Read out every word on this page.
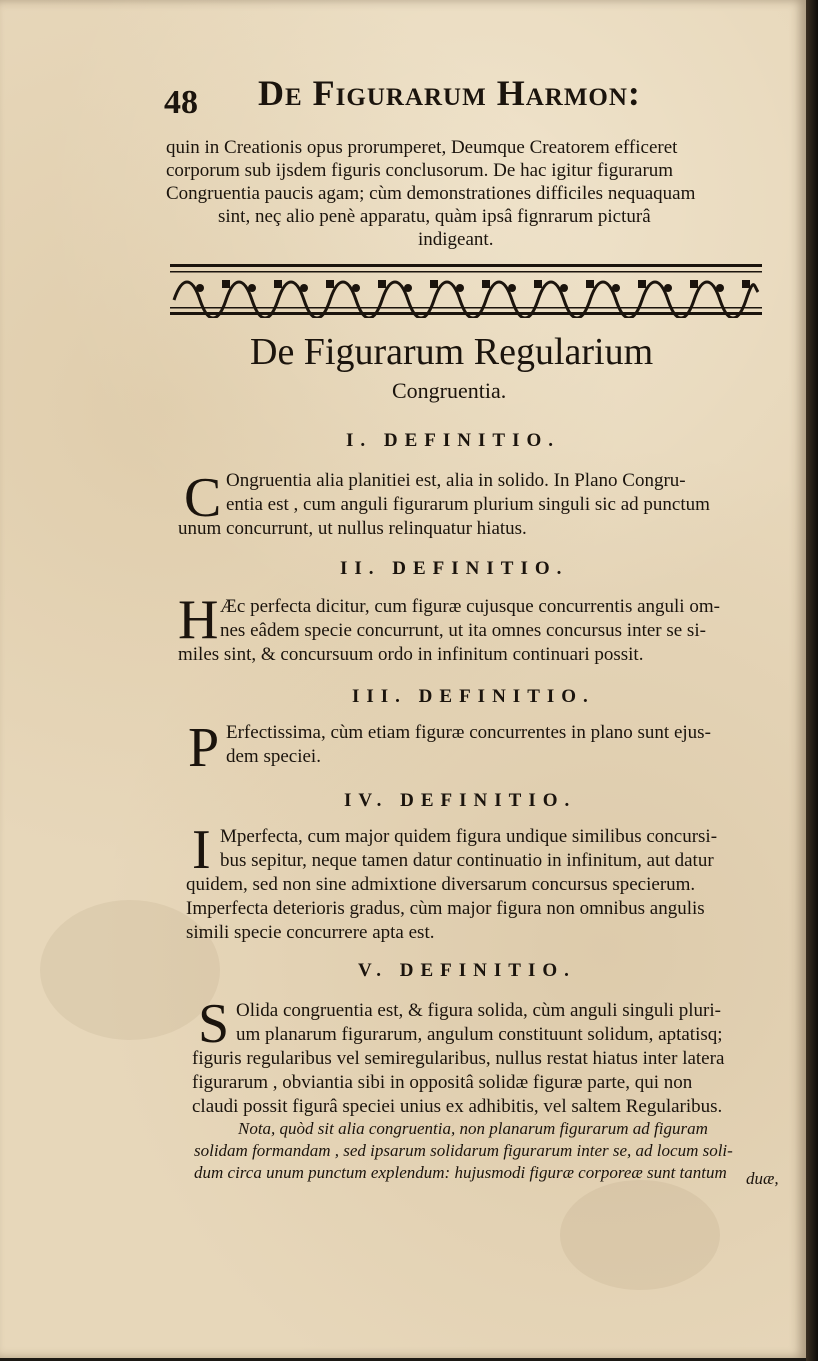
48 De Figurarum Harmon:
quin in Creationis opus prorumperet, Deumque Creatorem efficeret
corporum sub ijsdem figuris conclusorum. De hac igitur figurarum
Congruentia paucis agam; cùm demonstrationes difficiles nequaquam
sint, neç alio penè apparatu, quàm ipsâ fignrarum picturâ
indigeant.
De Figurarum Regularium
Congruentia.
I. DEFINITIO.
C Ongruentia alia planitiei est, alia in solido. In Plano Congru-
entia est , cum anguli figurarum plurium singuli sic ad punctum
unum concurrunt, ut nullus relinquatur hiatus.
II. DEFINITIO.
H Æc perfecta dicitur, cum figuræ cujusque concurrentis anguli om-
nes eâdem specie concurrunt, ut ita omnes concursus inter se si-
miles sint, & concursuum ordo in infinitum continuari possit.
III. DEFINITIO.
P Erfectissima, cùm etiam figuræ concurrentes in plano sunt ejus-
dem speciei.
IV. DEFINITIO.
I Mperfecta, cum major quidem figura undique similibus concursi-
bus sepitur, neque tamen datur continuatio in infinitum, aut datur
quidem, sed non sine admixtione diversarum concursus specierum.
Imperfecta deterioris gradus, cùm major figura non omnibus angulis
simili specie concurrere apta est.
V. DEFINITIO.
S Olida congruentia est, & figura solida, cùm anguli singuli pluri-
um planarum figurarum, angulum constituunt solidum, aptatisq;
figuris regularibus vel semiregularibus, nullus restat hiatus inter latera
figurarum , obviantia sibi in oppositâ solidæ figuræ parte, qui non
claudi possit figurâ speciei unius ex adhibitis, vel saltem Regularibus.
Nota, quòd sit alia congruentia, non planarum figurarum ad figuram
solidam formandam , sed ipsarum solidarum figurarum inter se, ad locum soli-
dum circa unum punctum explendum: hujusmodi figuræ corporeæ sunt tantum duæ,
